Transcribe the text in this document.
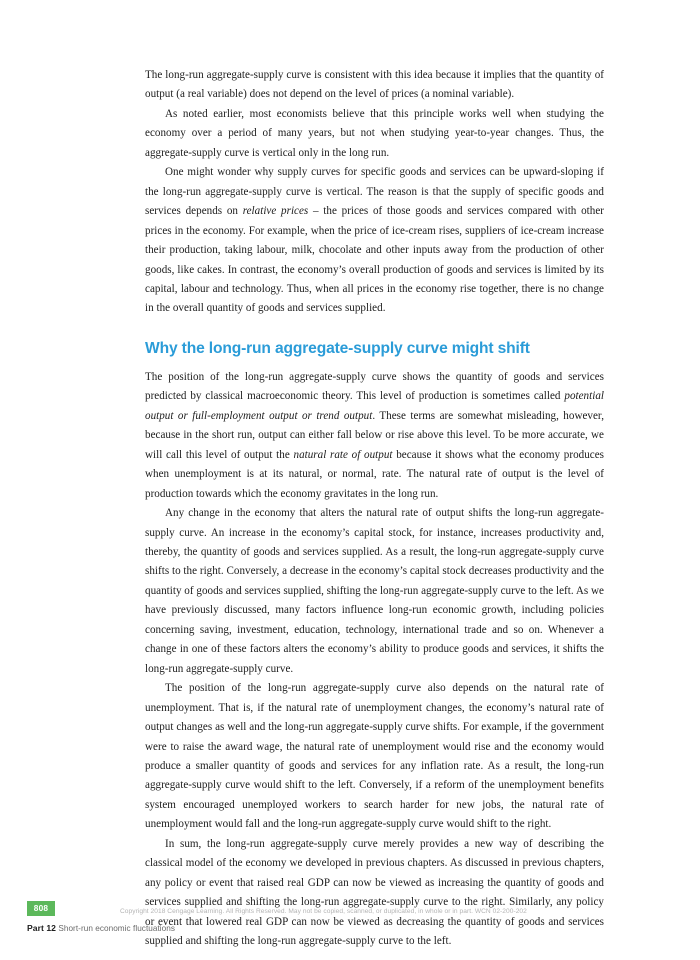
The long-run aggregate-supply curve is consistent with this idea because it implies that the quantity of output (a real variable) does not depend on the level of prices (a nominal variable).

As noted earlier, most economists believe that this principle works well when studying the economy over a period of many years, but not when studying year-to-year changes. Thus, the aggregate-supply curve is vertical only in the long run.

One might wonder why supply curves for specific goods and services can be upward-sloping if the long-run aggregate-supply curve is vertical. The reason is that the supply of specific goods and services depends on relative prices – the prices of those goods and services compared with other prices in the economy. For example, when the price of ice-cream rises, suppliers of ice-cream increase their production, taking labour, milk, chocolate and other inputs away from the production of other goods, like cakes. In contrast, the economy’s overall production of goods and services is limited by its capital, labour and technology. Thus, when all prices in the economy rise together, there is no change in the overall quantity of goods and services supplied.

Why the long-run aggregate-supply curve might shift

The position of the long-run aggregate-supply curve shows the quantity of goods and services predicted by classical macroeconomic theory. This level of production is sometimes called potential output or full-employment output or trend output. These terms are somewhat misleading, however, because in the short run, output can either fall below or rise above this level. To be more accurate, we will call this level of output the natural rate of output because it shows what the economy produces when unemployment is at its natural, or normal, rate. The natural rate of output is the level of production towards which the economy gravitates in the long run.

Any change in the economy that alters the natural rate of output shifts the long-run aggregate-supply curve. An increase in the economy’s capital stock, for instance, increases productivity and, thereby, the quantity of goods and services supplied. As a result, the long-run aggregate-supply curve shifts to the right. Conversely, a decrease in the economy’s capital stock decreases productivity and the quantity of goods and services supplied, shifting the long-run aggregate-supply curve to the left. As we have previously discussed, many factors influence long-run economic growth, including policies concerning saving, investment, education, technology, international trade and so on. Whenever a change in one of these factors alters the economy’s ability to produce goods and services, it shifts the long-run aggregate-supply curve.

The position of the long-run aggregate-supply curve also depends on the natural rate of unemployment. That is, if the natural rate of unemployment changes, the economy’s natural rate of output changes as well and the long-run aggregate-supply curve shifts. For example, if the government were to raise the award wage, the natural rate of unemployment would rise and the economy would produce a smaller quantity of goods and services for any inflation rate. As a result, the long-run aggregate-supply curve would shift to the left. Conversely, if a reform of the unemployment benefits system encouraged unemployed workers to search harder for new jobs, the natural rate of unemployment would fall and the long-run aggregate-supply curve would shift to the right.

In sum, the long-run aggregate-supply curve merely provides a new way of describing the classical model of the economy we developed in previous chapters. As discussed in previous chapters, any policy or event that raised real GDP can now be viewed as increasing the quantity of goods and services supplied and shifting the long-run aggregate-supply curve to the right. Similarly, any policy or event that lowered real GDP can now be viewed as decreasing the quantity of goods and services supplied and shifting the long-run aggregate-supply curve to the left.

808	Copyright 2018 Cengage Learning. All Rights Reserved. May not be copied, scanned, or duplicated, in whole or in part. WCN 02-200-202
Part 12 Short-run economic fluctuations
